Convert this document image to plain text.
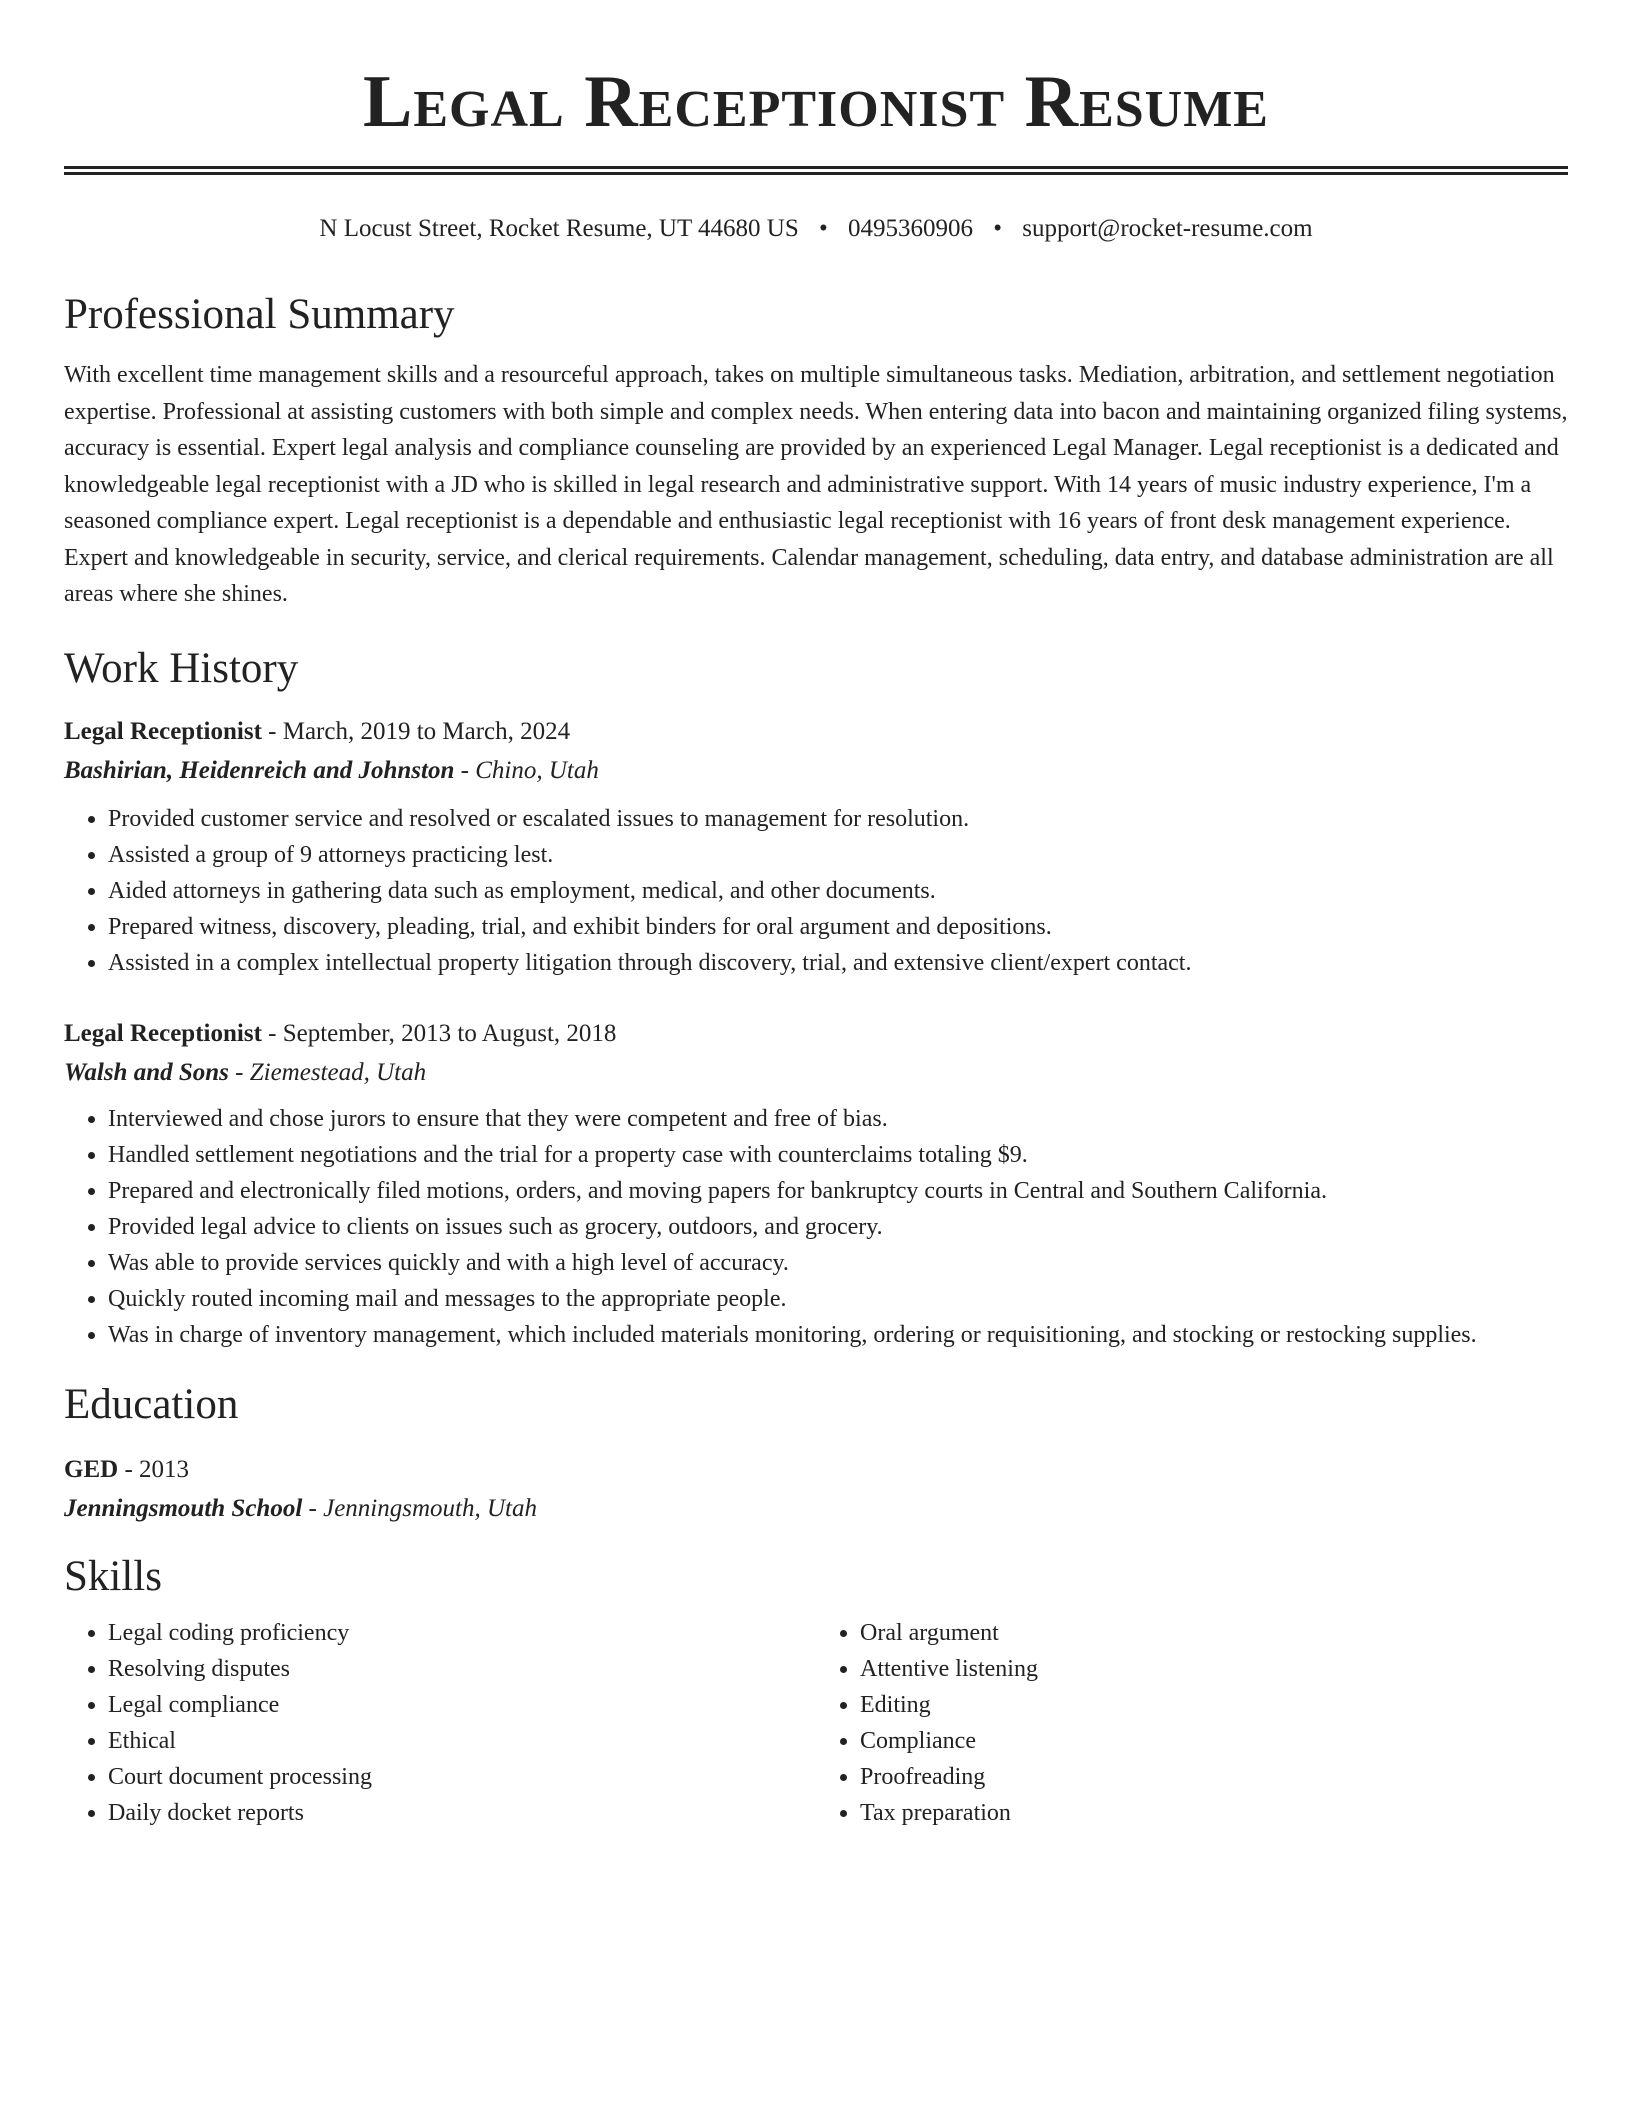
Legal Receptionist Resume
N Locust Street, Rocket Resume, UT 44680 US • 0495360906 • support@rocket-resume.com
Professional Summary

With excellent time management skills and a resourceful approach, takes on multiple simultaneous tasks. Mediation, arbitration, and settlement negotiation expertise. Professional at assisting customers with both simple and complex needs. When entering data into bacon and maintaining organized filing systems, accuracy is essential. Expert legal analysis and compliance counseling are provided by an experienced Legal Manager. Legal receptionist is a dedicated and knowledgeable legal receptionist with a JD who is skilled in legal research and administrative support. With 14 years of music industry experience, I'm a seasoned compliance expert. Legal receptionist is a dependable and enthusiastic legal receptionist with 16 years of front desk management experience. Expert and knowledgeable in security, service, and clerical requirements. Calendar management, scheduling, data entry, and database administration are all areas where she shines.

Work History
Legal Receptionist - March, 2019 to March, 2024
Bashirian, Heidenreich and Johnston - Chino, Utah
• Provided customer service and resolved or escalated issues to management for resolution.
• Assisted a group of 9 attorneys practicing lest.
• Aided attorneys in gathering data such as employment, medical, and other documents.
• Prepared witness, discovery, pleading, trial, and exhibit binders for oral argument and depositions.
• Assisted in a complex intellectual property litigation through discovery, trial, and extensive client/expert contact.
Legal Receptionist - September, 2013 to August, 2018
Walsh and Sons - Ziemestead, Utah
• Interviewed and chose jurors to ensure that they were competent and free of bias.
• Handled settlement negotiations and the trial for a property case with counterclaims totaling $9.
• Prepared and electronically filed motions, orders, and moving papers for bankruptcy courts in Central and Southern California.
• Provided legal advice to clients on issues such as grocery, outdoors, and grocery.
• Was able to provide services quickly and with a high level of accuracy.
• Quickly routed incoming mail and messages to the appropriate people.
• Was in charge of inventory management, which included materials monitoring, ordering or requisitioning, and stocking or restocking supplies.
Education
GED - 2013
Jenningsmouth School - Jenningsmouth, Utah
Skills
• Legal coding proficiency
• Resolving disputes
• Legal compliance
• Ethical
• Court document processing
• Daily docket reports
• Oral argument
• Attentive listening
• Editing
• Compliance
• Proofreading
• Tax preparation
